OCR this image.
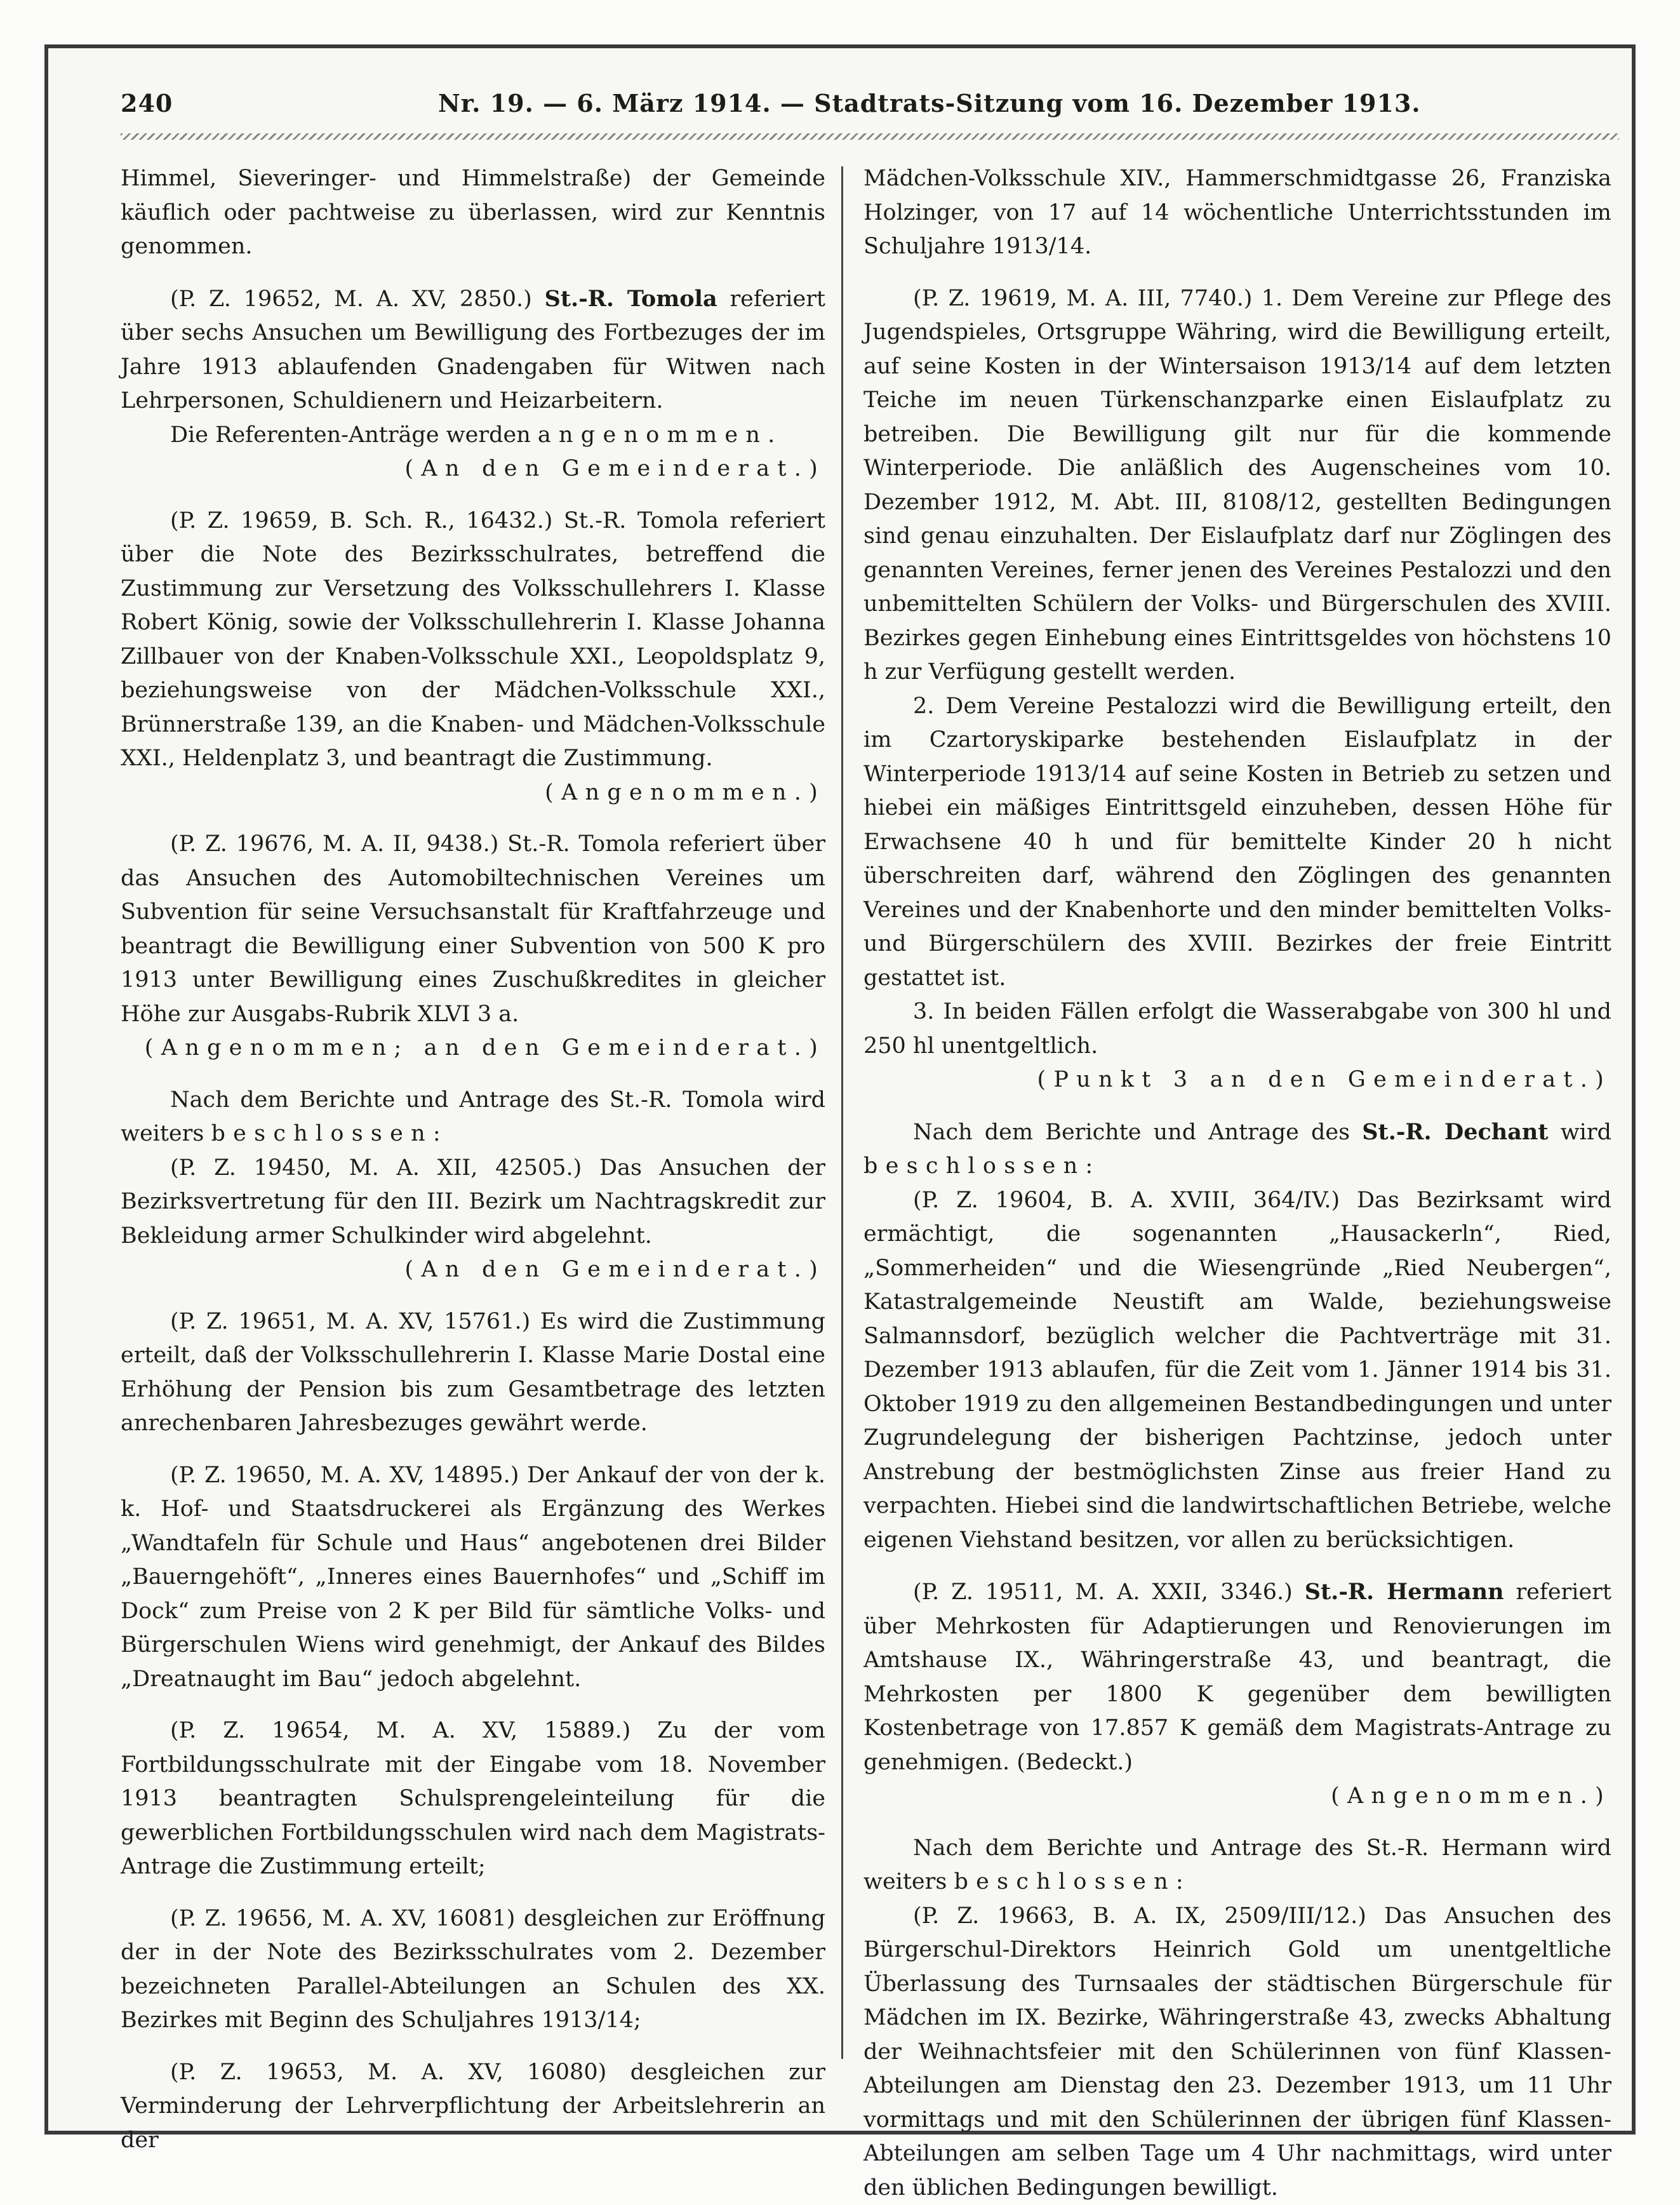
240	Nr. 19. — 6. März 1914. — Stadtrats-Sitzung vom 16. Dezember 1913.

Himmel, Sieveringer- und Himmelstraße) der Gemeinde käuflich oder pachtweise zu überlassen, wird zur Kenntnis genommen.

(P. Z. 19652, M. A. XV, 2850.) St.-R. Tomola referiert über sechs Ansuchen um Bewilligung des Fortbezuges der im Jahre 1913 ablaufenden Gnadengaben für Witwen nach Lehrpersonen, Schuldienern und Heizarbeitern.

Die Referenten-Anträge werden angenommen.
(An den Gemeinderat.)

(P. Z. 19659, B. Sch. R., 16432.) St.-R. Tomola referiert über die Note des Bezirksschulrates, betreffend die Zustimmung zur Versetzung des Volksschullehrers I. Klasse Robert König, sowie der Volksschullehrerin I. Klasse Johanna Zillbauer von der Knaben-Volksschule XXI., Leopoldsplatz 9, beziehungsweise von der Mädchen-Volksschule XXI., Brünnerstraße 139, an die Knaben- und Mädchen-Volksschule XXI., Heldenplatz 3, und beantragt die Zustimmung.
(Angenommen.)

(P. Z. 19676, M. A. II, 9438.) St.-R. Tomola referiert über das Ansuchen des Automobiltechnischen Vereines um Subvention für seine Versuchsanstalt für Kraftfahrzeuge und beantragt die Bewilligung einer Subvention von 500 K pro 1913 unter Bewilligung eines Zuschußkredites in gleicher Höhe zur Ausgabs-Rubrik XLVI 3 a.
(Angenommen; an den Gemeinderat.)

Nach dem Berichte und Antrage des St.-R. Tomola wird weiters beschlossen:

(P. Z. 19450, M. A. XII, 42505.) Das Ansuchen der Bezirksvertretung für den III. Bezirk um Nachtragskredit zur Bekleidung armer Schulkinder wird abgelehnt.
(An den Gemeinderat.)

(P. Z. 19651, M. A. XV, 15761.) Es wird die Zustimmung erteilt, daß der Volksschullehrerin I. Klasse Marie Dostal eine Erhöhung der Pension bis zum Gesamtbetrage des letzten anrechenbaren Jahresbezuges gewährt werde.

(P. Z. 19650, M. A. XV, 14895.) Der Ankauf der von der k. k. Hof- und Staatsdruckerei als Ergänzung des Werkes „Wandtafeln für Schule und Haus“ angebotenen drei Bilder „Bauerngehöft“, „Inneres eines Bauernhofes“ und „Schiff im Dock“ zum Preise von 2 K per Bild für sämtliche Volks- und Bürgerschulen Wiens wird genehmigt, der Ankauf des Bildes „Dreatnaught im Bau“ jedoch abgelehnt.

(P. Z. 19654, M. A. XV, 15889.) Zu der vom Fortbildungsschulrate mit der Eingabe vom 18. November 1913 beantragten Schulsprengeleinteilung für die gewerblichen Fortbildungsschulen wird nach dem Magistrats-Antrage die Zustimmung erteilt;

(P. Z. 19656, M. A. XV, 16081) desgleichen zur Eröffnung der in der Note des Bezirksschulrates vom 2. Dezember bezeichneten Parallel-Abteilungen an Schulen des XX. Bezirkes mit Beginn des Schuljahres 1913/14;

(P. Z. 19653, M. A. XV, 16080) desgleichen zur Verminderung der Lehrverpflichtung der Arbeitslehrerin an der

Mädchen-Volksschule XIV., Hammerschmidtgasse 26, Franziska Holzinger, von 17 auf 14 wöchentliche Unterrichtsstunden im Schuljahre 1913/14.

(P. Z. 19619, M. A. III, 7740.) 1. Dem Vereine zur Pflege des Jugendspieles, Ortsgruppe Währing, wird die Bewilligung erteilt, auf seine Kosten in der Wintersaison 1913/14 auf dem letzten Teiche im neuen Türkenschanzparke einen Eislaufplatz zu betreiben. Die Bewilligung gilt nur für die kommende Winterperiode. Die anläßlich des Augenscheines vom 10. Dezember 1912, M. Abt. III, 8108/12, gestellten Bedingungen sind genau einzuhalten. Der Eislaufplatz darf nur Zöglingen des genannten Vereines, ferner jenen des Vereines Pestalozzi und den unbemittelten Schülern der Volks- und Bürgerschulen des XVIII. Bezirkes gegen Einhebung eines Eintrittsgeldes von höchstens 10 h zur Verfügung gestellt werden.

2. Dem Vereine Pestalozzi wird die Bewilligung erteilt, den im Czartoryskiparke bestehenden Eislaufplatz in der Winterperiode 1913/14 auf seine Kosten in Betrieb zu setzen und hiebei ein mäßiges Eintrittsgeld einzuheben, dessen Höhe für Erwachsene 40 h und für bemittelte Kinder 20 h nicht überschreiten darf, während den Zöglingen des genannten Vereines und der Knabenhorte und den minder bemittelten Volks- und Bürgerschülern des XVIII. Bezirkes der freie Eintritt gestattet ist.

3. In beiden Fällen erfolgt die Wasserabgabe von 300 hl und 250 hl unentgeltlich.
(Punkt 3 an den Gemeinderat.)

Nach dem Berichte und Antrage des St.-R. Dechant wird beschlossen:

(P. Z. 19604, B. A. XVIII, 364/IV.) Das Bezirksamt wird ermächtigt, die sogenannten „Hausackerln“, Ried, „Sommerheiden“ und die Wiesengründe „Ried Neubergen“, Katastralgemeinde Neustift am Walde, beziehungsweise Salmannsdorf, bezüglich welcher die Pachtverträge mit 31. Dezember 1913 ablaufen, für die Zeit vom 1. Jänner 1914 bis 31. Oktober 1919 zu den allgemeinen Bestandbedingungen und unter Zugrundelegung der bisherigen Pachtzinse, jedoch unter Anstrebung der bestmöglichsten Zinse aus freier Hand zu verpachten. Hiebei sind die landwirtschaftlichen Betriebe, welche eigenen Viehstand besitzen, vor allen zu berücksichtigen.

(P. Z. 19511, M. A. XXII, 3346.) St.-R. Hermann referiert über Mehrkosten für Adaptierungen und Renovierungen im Amtshause IX., Währingerstraße 43, und beantragt, die Mehrkosten per 1800 K gegenüber dem bewilligten Kostenbetrage von 17.857 K gemäß dem Magistrats-Antrage zu genehmigen. (Bedeckt.)
(Angenommen.)

Nach dem Berichte und Antrage des St.-R. Hermann wird weiters beschlossen:

(P. Z. 19663, B. A. IX, 2509/III/12.) Das Ansuchen des Bürgerschul-Direktors Heinrich Gold um unentgeltliche Überlassung des Turnsaales der städtischen Bürgerschule für Mädchen im IX. Bezirke, Währingerstraße 43, zwecks Abhaltung der Weihnachtsfeier mit den Schülerinnen von fünf Klassen-Abteilungen am Dienstag den 23. Dezember 1913, um 11 Uhr vormittags und mit den Schülerinnen der übrigen fünf Klassen-Abteilungen am selben Tage um 4 Uhr nachmittags, wird unter den üblichen Bedingungen bewilligt.
